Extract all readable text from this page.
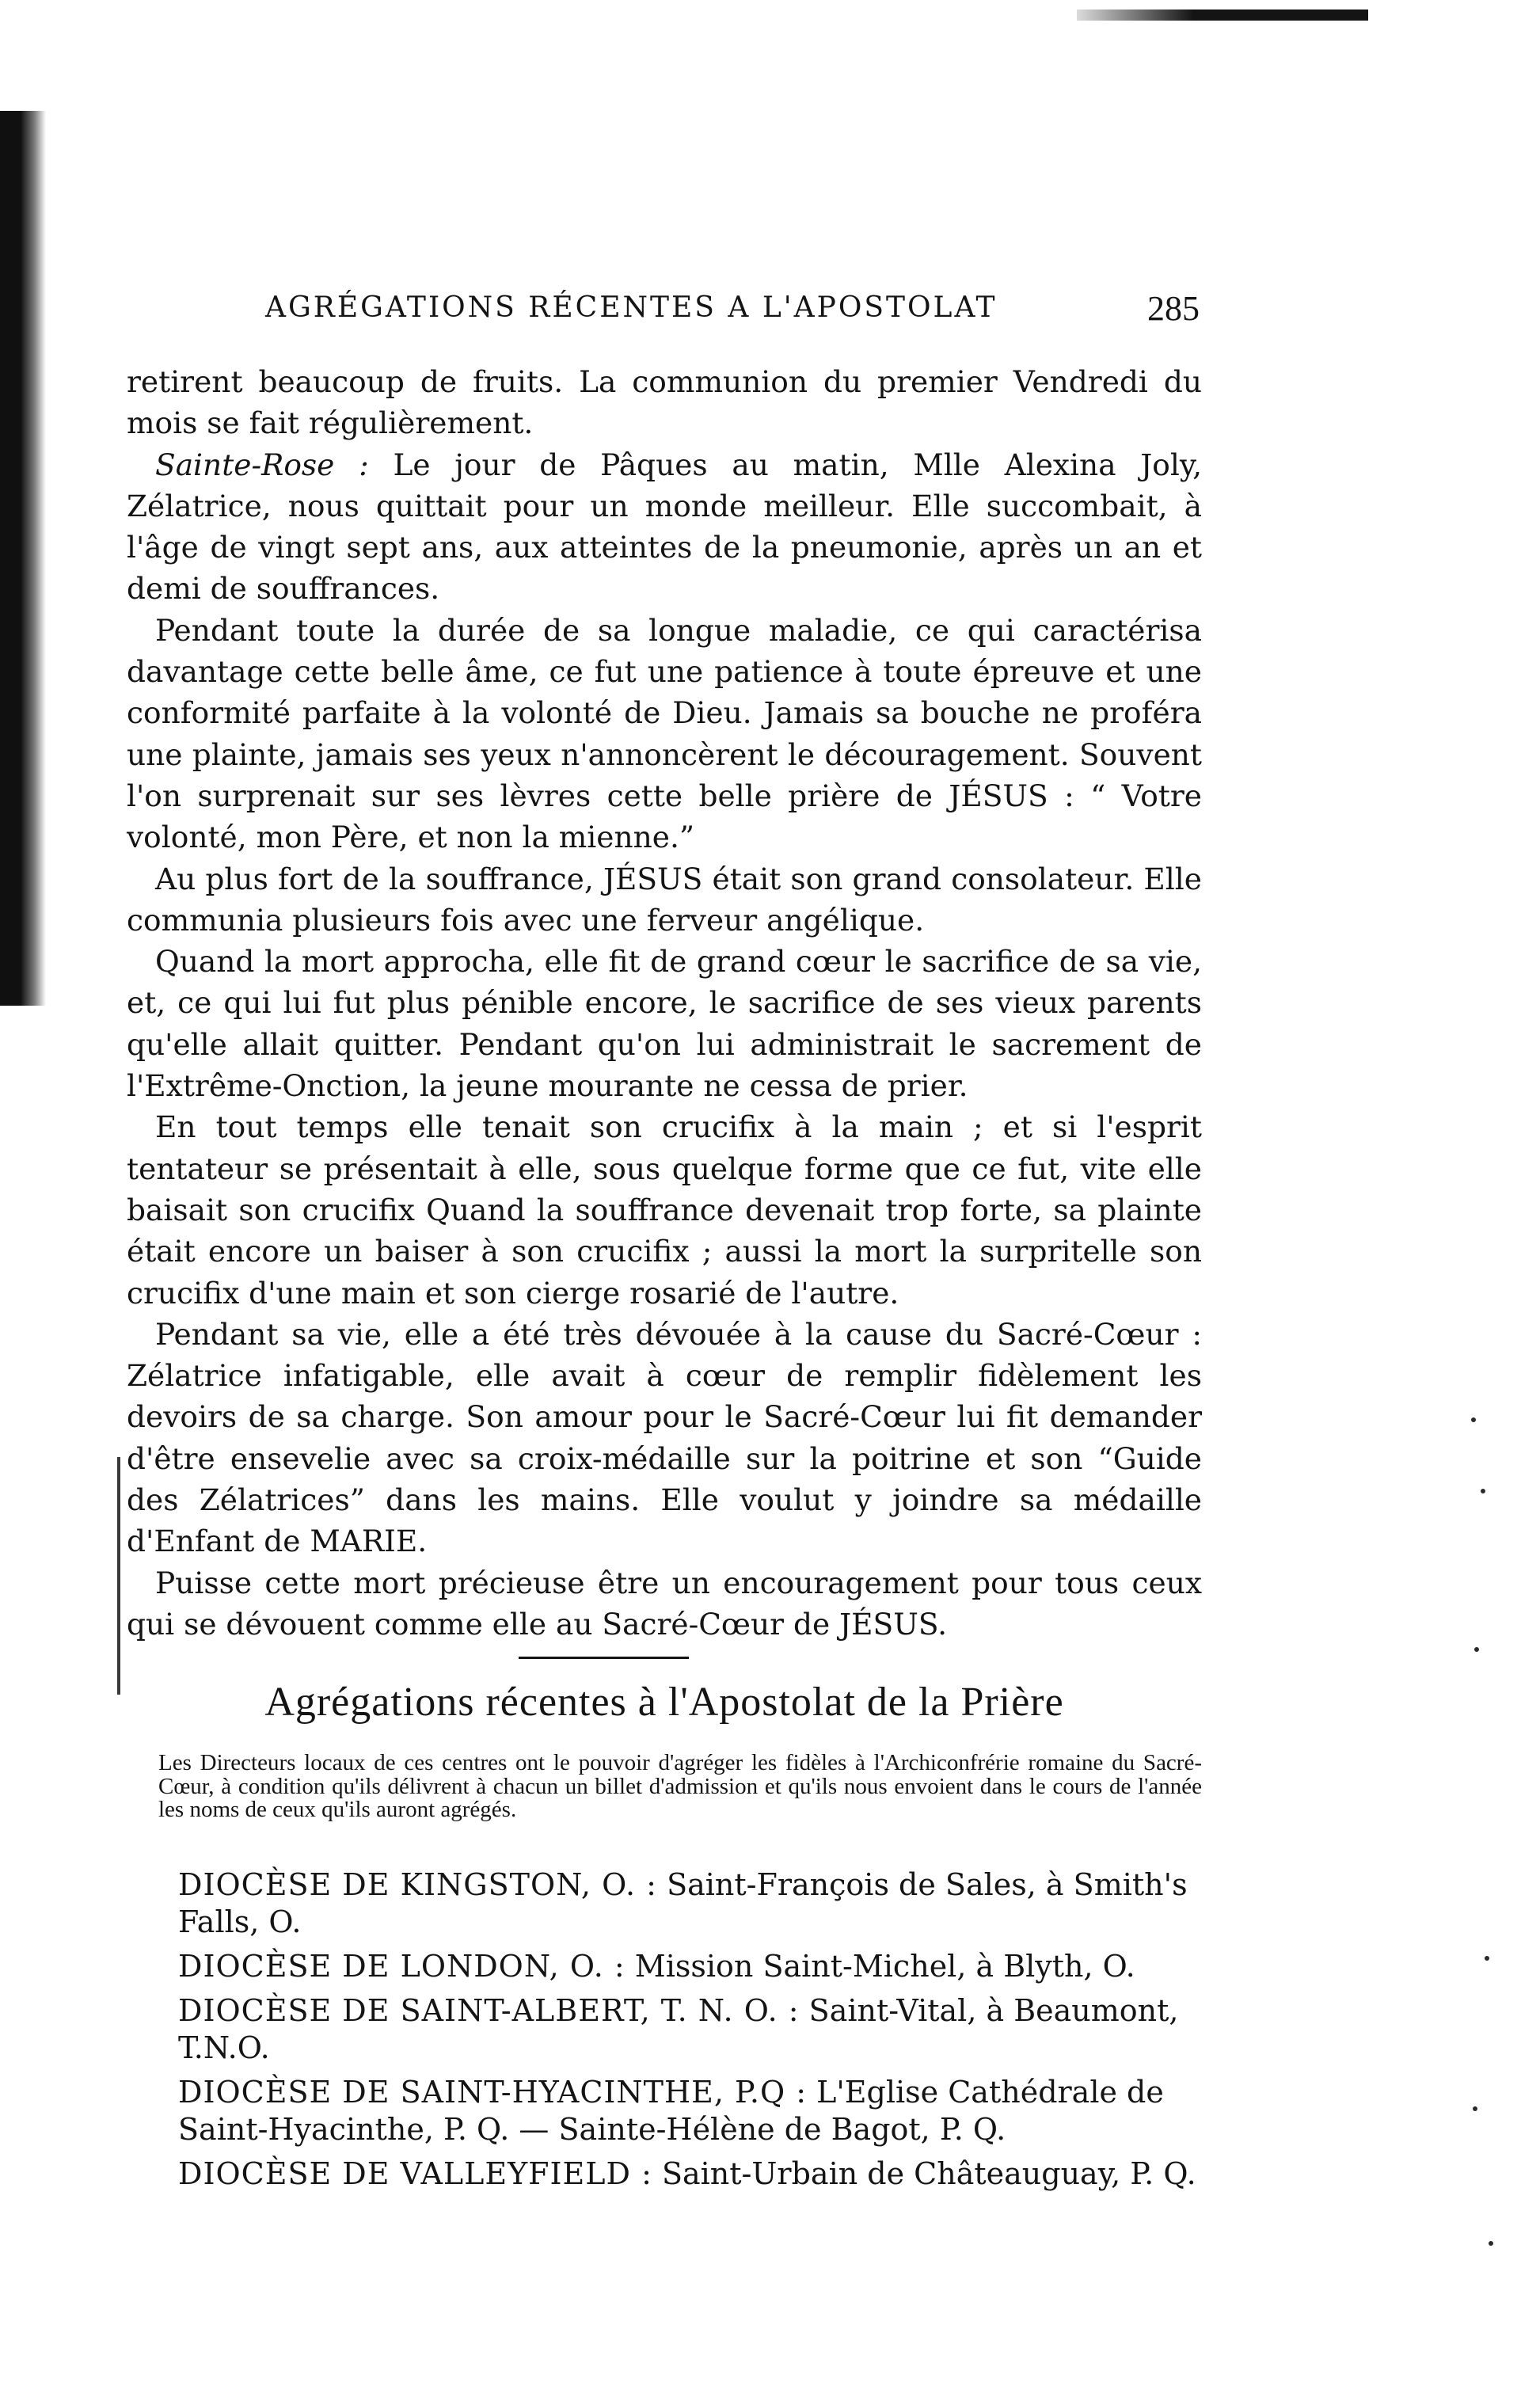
AGRÉGATIONS RÉCENTES A L'APOSTOLAT	285

retirent beaucoup de fruits. La communion du premier Vendredi du mois se fait régulièrement.

Sainte-Rose : Le jour de Pâques au matin, Mlle Alexina Joly, Zélatrice, nous quittait pour un monde meilleur. Elle succombait, à l'âge de vingt sept ans, aux atteintes de la pneumonie, après un an et demi de souffrances.

Pendant toute la durée de sa longue maladie, ce qui caractérisa davantage cette belle âme, ce fut une patience à toute épreuve et une conformité parfaite à la volonté de Dieu. Jamais sa bouche ne proféra une plainte, jamais ses yeux n'annoncèrent le découragement. Souvent l'on surprenait sur ses lèvres cette belle prière de JÉSUS : “ Votre volonté, mon Père, et non la mienne.”

Au plus fort de la souffrance, JÉSUS était son grand consolateur. Elle communia plusieurs fois avec une ferveur angélique.

Quand la mort approcha, elle fit de grand cœur le sacrifice de sa vie, et, ce qui lui fut plus pénible encore, le sacrifice de ses vieux parents qu'elle allait quitter. Pendant qu'on lui administrait le sacrement de l'Extrême-Onction, la jeune mourante ne cessa de prier.

En tout temps elle tenait son crucifix à la main ; et si l'esprit tentateur se présentait à elle, sous quelque forme que ce fut, vite elle baisait son crucifix Quand la souffrance devenait trop forte, sa plainte était encore un baiser à son crucifix ; aussi la mort la surpritelle son crucifix d'une main et son cierge rosarié de l'autre.

Pendant sa vie, elle a été très dévouée à la cause du Sacré-Cœur : Zélatrice infatigable, elle avait à cœur de remplir fidèlement les devoirs de sa charge. Son amour pour le Sacré-Cœur lui fit demander d'être ensevelie avec sa croix-médaille sur la poitrine et son “Guide des Zélatrices” dans les mains. Elle voulut y joindre sa médaille d'Enfant de MARIE.

Puisse cette mort précieuse être un encouragement pour tous ceux qui se dévouent comme elle au Sacré-Cœur de JÉSUS.

Agrégations récentes à l'Apostolat de la Prière
Les Directeurs locaux de ces centres ont le pouvoir d'agréger les fidèles à l'Archiconfrérie romaine du Sacré-Cœur, à condition qu'ils délivrent à chacun un billet d'admission et qu'ils nous envoient dans le cours de l'année les noms de ceux qu'ils auront agrégés.

DIOCÈSE DE KINGSTON, O. : Saint-François de Sales, à Smith's Falls, O.

DIOCÈSE DE LONDON, O. : Mission Saint-Michel, à Blyth, O.

DIOCÈSE DE SAINT-ALBERT, T. N. O. : Saint-Vital, à Beaumont, T.N.O.

DIOCÈSE DE SAINT-HYACINTHE, P.Q : L'Eglise Cathédrale de Saint-Hyacinthe, P. Q. — Sainte-Hélène de Bagot, P. Q.

DIOCÈSE DE VALLEYFIELD : Saint-Urbain de Châteauguay, P. Q.
